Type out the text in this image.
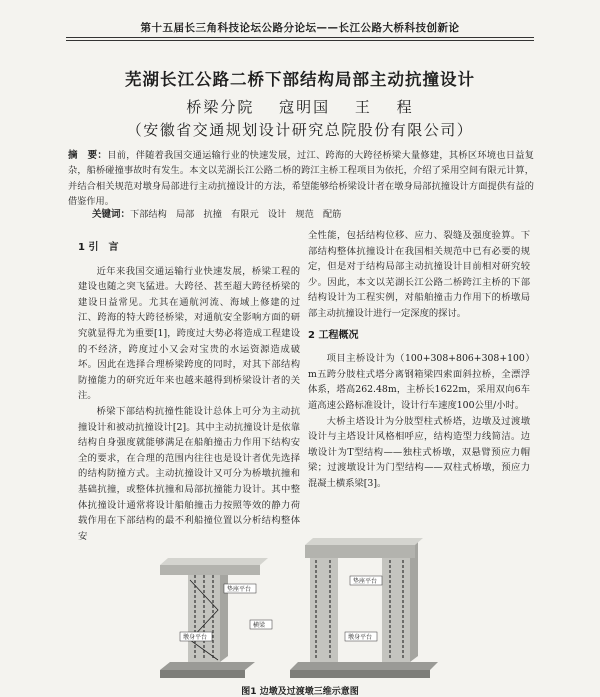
第十五届长三角科技论坛公路分论坛——长江公路大桥科技创新论
芜湖长江公路二桥下部结构局部主动抗撞设计
桥梁分院 寇明国 王 程
（安徽省交通规划设计研究总院股份有限公司）
摘　要：目前，伴随着我国交通运输行业的快速发展，过江、跨海的大跨径桥梁大量修建，其桥区环境也日益复杂，船桥碰撞事故时有发生。本文以芜湖长江公路二桥的跨江主桥工程项目为依托，介绍了采用空间有限元计算，并结合相关规范对墩身局部进行主动抗撞设计的方法，希望能够给桥梁设计者在墩身局部抗撞设计方面提供有益的借鉴作用。
关键词：下部结构　局部　抗撞　有限元　设计　规范　配筋
1 引　言

近年来我国交通运输行业快速发展，桥梁工程的建设也随之突飞猛进。大跨径、甚至超大跨径桥梁的建设日益常见。尤其在通航河流、海域上修建的过江、跨海的特大跨径桥梁，对通航安全影响方面的研究就显得尤为重要[1]，跨度过大势必将造成工程建设的不经济，跨度过小又会对宝贵的水运资源造成破坏。因此在选择合理桥梁跨度的同时，对其下部结构防撞能力的研究近年来也越来越得到桥梁设计者的关注。

桥梁下部结构抗撞性能设计总体上可分为主动抗撞设计和被动抗撞设计[2]。其中主动抗撞设计是依靠结构自身强度就能够满足在船舶撞击力作用下结构安全的要求，在合理的范围内往往也是设计者优先选择的结构防撞方式。主动抗撞设计又可分为桥墩抗撞和基础抗撞，或整体抗撞和局部抗撞能力设计。其中整体抗撞设计通常将设计船舶撞击力按照等效的静力荷载作用在下部结构的最不利船撞位置以分析结构整体安

全性能，包括结构位移、应力、裂缝及强度验算。下部结构整体抗撞设计在我国相关规范中已有必要的规定，但是对于结构局部主动抗撞设计目前相对研究较少。因此，本文以芜湖长江公路二桥跨江主桥的下部结构设计为工程实例，对船舶撞击力作用下的桥墩局部主动抗撞设计进行一定深度的探讨。

2 工程概况

项目主桥设计为（100+308+806+308+100）m五跨分肢柱式塔分离钢箱梁四索面斜拉桥，全漂浮体系，塔高262.48m，主桥长1622m，采用双向6车道高速公路标准设计，设计行车速度100公里/小时。

大桥主塔设计为分肢型柱式桥塔，边墩及过渡墩设计与主塔设计风格相呼应，结构造型力线简洁。边墩设计为T型结构——独柱式桥墩，双悬臂预应力帽梁；过渡墩设计为门型结构——双柱式桥墩，预应力混凝土横系梁[3]。

垫座平台
横梁
墩身平台
垫座平台
墩身平台
图1 边墩及过渡墩三维示意图
